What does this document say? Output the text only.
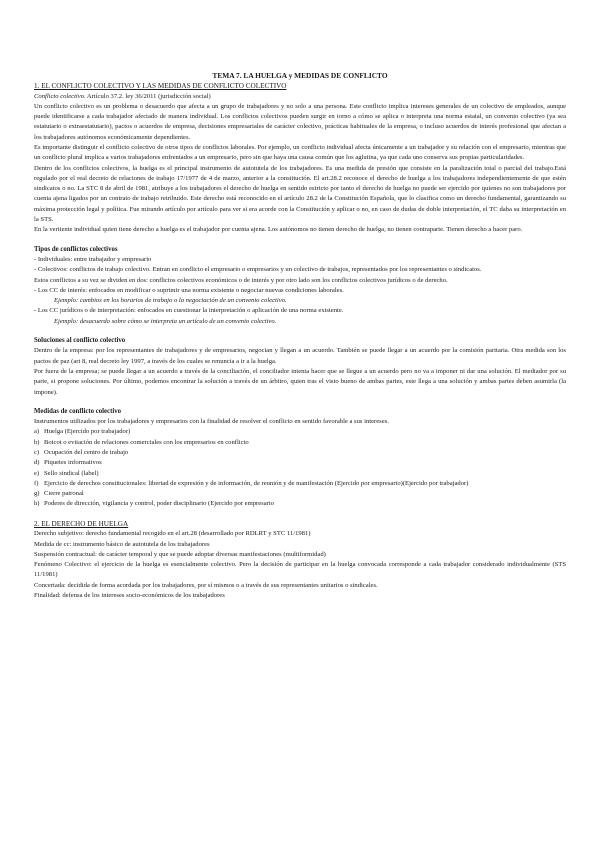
TEMA 7. LA HUELGA y MEDIDAS DE CONFLICTO
1. EL CONFLICTO COLECTIVO Y LAS MEDIDAS DE CONFLICTO COLECTIVO
Conflicto colectivo. Artículo 37.2. ley 36/2011 (jurisdicción social)
Un conflicto colectivo es un problema o desacuerdo que afecta a un grupo de trabajadores y no solo a una persona. Este conflicto implica intereses generales de un colectivo de empleados, aunque puede identificarse a cada trabajador afectado de manera individual. Los conflictos colectivos pueden surgir en torno a cómo se aplica o interpreta una norma estatal, un convenio colectivo (ya sea estatutario o extraestatutario), pactos o acuerdos de empresa, decisiones empresariales de carácter colectivo, prácticas habituales de la empresa, o incluso acuerdos de interés profesional que afectan a los trabajadores autónomos económicamente dependientes.
Es importante distinguir el conflicto colectivo de otros tipos de conflictos laborales. Por ejemplo, un conflicto individual afecta únicamente a un trabajador y su relación con el empresario, mientras que un conflicto plural implica a varios trabajadores enfrentados a un empresario, pero sin que haya una causa común que los aglutina, ya que cada uno conserva sus propias particularidades.
Dentro de los conflictos colectivos, la huelga es el principal instrumento de autotutela de los trabajadores. Es una medida de presión que consiste en la paralización total o parcial del trabajo.Está regulado por el real decreto de relaciones de trabajo 17/1977 de 4 de marzo, anterior a la constitución. El art.28.2 reconoce el derecho de huelga a los trabajadores independientemente de que estén sindicatos o no. La STC 8 de abril de 1981, atribuye a los trabajadores el derecho de huelga en sentido estricto por tanto el derecho de huelga no puede ser ejercido por quienes no son trabajadores por cuenta ajena ligados por un contrato de trabajo retribuido. Este derecho está reconocido en el artículo 28.2 de la Constitución Española, que lo clasifica como un derecho fundamental, garantizando su máxima protección legal y política. Fue mirando artículo por artículo para ver si era acorde con la Constitución y aplicar o no, en caso de dudas de doble interpretación, el TC daba su interpretación en la STS.
En la vertiente individual quien tiene derecho a huelga es el trabajador por cuenta ajena. Los autónomos no tienen derecho de huelga, no tienen contraparte. Tienen derecho a hacer paro.
Tipos de conflictos colectivos
- Individuales: entre trabajador y empresario
- Colectivos: conflictos de trabajo colectivo. Entran en conflicto el empresario o empresarios y un colectivo de trabajos, representados por los representantes o sindicatos.
Estos conflictos a su vez se dividen en dos: conflictos colectivos económicos o de interés y por otro lado son los conflictos colectivos jurídicos o de derecho.
- Los CC de interés: enfocados en modificar o suprimir una norma existente o negociar nuevas condiciones laborales.
Ejemplo: cambios en los horarios de trabajo o la negociación de un convenio colectivo.
- Los CC jurídicos o de interpretación: enfocados en cuestionar la interpretación o aplicación de una norma existente.
Ejemplo: desacuerdo sobre cómo se interpreta un artículo de un convenio colectivo.
Soluciones al conflicto colectivo
Dentro de la empresa: por los representantes de trabajadores y de empresarios, negocian y llegan a un acuerdo. También se puede llegar a un acuerdo por la comisión paritaria. Otra medida son los pactos de paz (art 8, real decreto ley 1997, a través de los cuales se renuncia a ir a la huelga.
Por fuera de la empresa; se puede llegar a un acuerdo a través de la conciliación, el conciliador intenta hacer que se llegue a un acuerdo pero no va a imponer ni dar una solución. El mediador por su parte, si propone soluciones. Por último, podemos encontrar la solución a través de un árbitro, quien tras el visto bueno de ambas partes, este llega a una solución y ambas partes deben asumirla (la impone).
Medidas de conflicto colectivo
Instrumentos utilizados por los trabajadores y empresarios con la finalidad de resolver el conflicto en sentido favorable a sus intereses.
a) Huelga (Ejercido por trabajador)
b) Boicot o evitación de relaciones comerciales con los empresarios en conflicto
c) Ocupación del centro de trabajo
d) Piquetes informativos
e) Sello sindical (label)
f) Ejercicio de derechos constitucionales: libertad de expresión y de información, de reunión y de manifestación (Ejercido por empresario)(Ejercido por trabajador)
g) Cierre patronal
h) Poderes de dirección, vigilancia y control, poder disciplinario (Ejercido por empresario
2. EL DERECHO DE HUELGA
Derecho subjetivo: derecho fundamental recogido en el art.28 (desarrollado por RDLRT y STC 11/1981)
Medida de cc: instrumento básico de autotutela de los trabajadores
Suspensión contractual: de carácter temporal y que se puede adoptar diversas manifestaciones (multiformidad)
Fenómeno Colectivo: el ejercicio de la huelga es esencialmente colectivo. Pero la decisión de participar en la huelga convocada corresponde a cada trabajador considerado individualmente (STS 11/1981)
Concertada: decidida de forma acordada por los trabajadores, por sí mismos o a través de sus representantes unitarios o sindicales.
Finalidad: defensa de los intereses socio-económicos de los trabajadores
